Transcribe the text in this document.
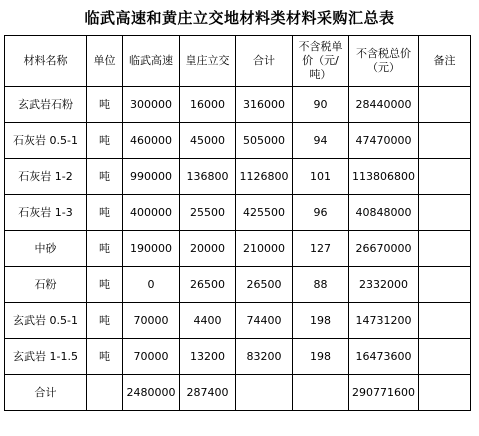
临武高速和黄庄立交地材料类材料采购汇总表
材料名称	单位	临武高速	皇庄立交	合计	不含税单价（元/吨）	不含税总价（元）	备注
玄武岩石粉	吨	300000	16000	316000	90	28440000	
石灰岩 0.5-1	吨	460000	45000	505000	94	47470000	
石灰岩 1-2	吨	990000	136800	1126800	101	113806800	
石灰岩 1-3	吨	400000	25500	425500	96	40848000	
中砂	吨	190000	20000	210000	127	26670000	
石粉	吨	0	26500	26500	88	2332000	
玄武岩 0.5-1	吨	70000	4400	74400	198	14731200	
玄武岩 1-1.5	吨	70000	13200	83200	198	16473600	
合计		2480000	287400			290771600	
